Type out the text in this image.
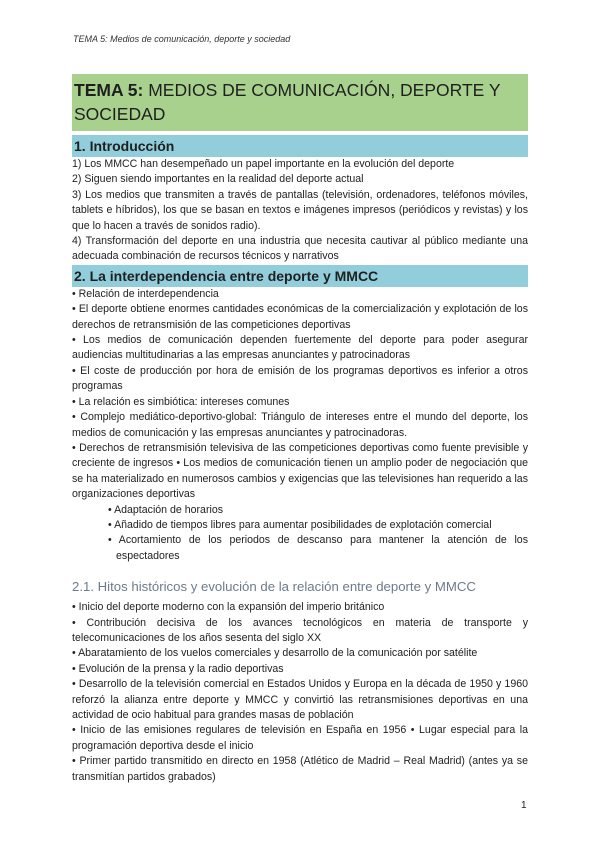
TEMA 5: Medios de comunicación, deporte y sociedad
TEMA 5: MEDIOS DE COMUNICACIÓN, DEPORTE Y SOCIEDAD
1. Introducción

1) Los MMCC han desempeñado un papel importante en la evolución del deporte

2) Siguen siendo importantes en la realidad del deporte actual

3) Los medios que transmiten a través de pantallas (televisión, ordenadores, teléfonos móviles, tablets e híbridos), los que se basan en textos e imágenes impresos (periódicos y revistas) y los que lo hacen a través de sonidos radio).

4) Transformación del deporte en una industria que necesita cautivar al público mediante una adecuada combinación de recursos técnicos y narrativos

2. La interdependencia entre deporte y MMCC

• Relación de interdependencia

• El deporte obtiene enormes cantidades económicas de la comercialización y explotación de los derechos de retransmisión de las competiciones deportivas

• Los medios de comunicación dependen fuertemente del deporte para poder asegurar audiencias multitudinarias a las empresas anunciantes y patrocinadoras

• El coste de producción por hora de emisión de los programas deportivos es inferior a otros programas

• La relación es simbiótica: intereses comunes

• Complejo mediático-deportivo-global: Triángulo de intereses entre el mundo del deporte, los medios de comunicación y las empresas anunciantes y patrocinadoras.

• Derechos de retransmisión televisiva de las competiciones deportivas como fuente previsible y creciente de ingresos • Los medios de comunicación tienen un amplio poder de negociación que se ha materializado en numerosos cambios y exigencias que las televisiones han requerido a las organizaciones deportivas

• Adaptación de horarios
• Añadido de tiempos libres para aumentar posibilidades de explotación comercial
• Acortamiento de los periodos de descanso para mantener la atención de los espectadores
2.1. Hitos históricos y evolución de la relación entre deporte y MMCC

• Inicio del deporte moderno con la expansión del imperio británico

• Contribución decisiva de los avances tecnológicos en materia de transporte y telecomunicaciones de los años sesenta del siglo XX

• Abaratamiento de los vuelos comerciales y desarrollo de la comunicación por satélite

• Evolución de la prensa y la radio deportivas

• Desarrollo de la televisión comercial en Estados Unidos y Europa en la década de 1950 y 1960 reforzó la alianza entre deporte y MMCC y convirtió las retransmisiones deportivas en una actividad de ocio habitual para grandes masas de población

• Inicio de las emisiones regulares de televisión en España en 1956 • Lugar especial para la programación deportiva desde el inicio

• Primer partido transmitido en directo en 1958 (Atlético de Madrid – Real Madrid) (antes ya se transmitían partidos grabados)

1
